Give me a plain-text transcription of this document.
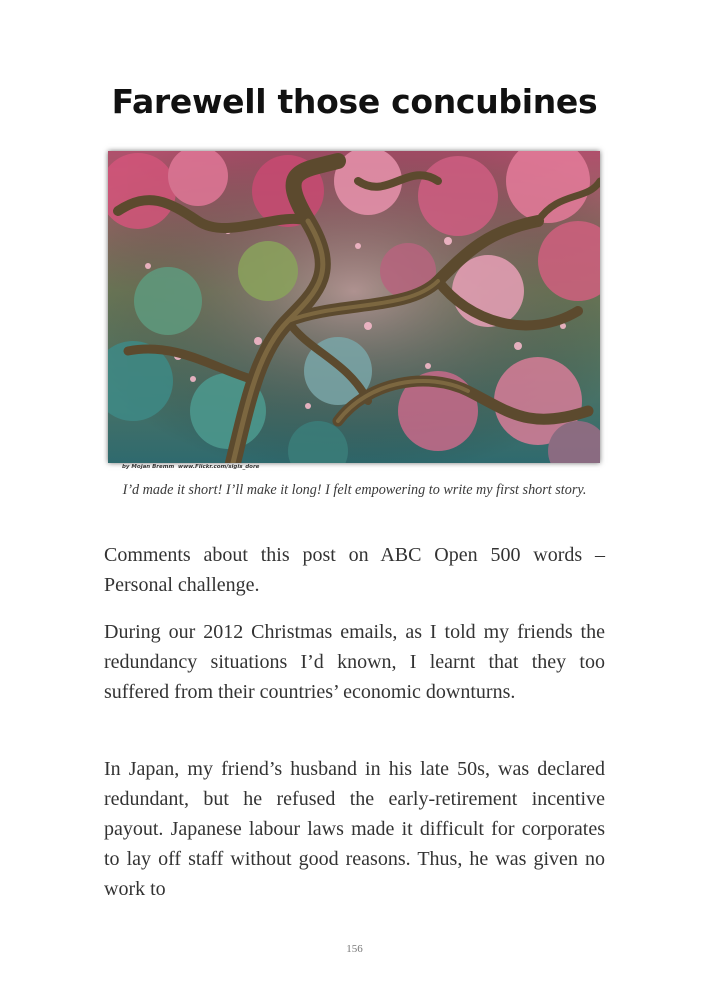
Farewell those concubines
by Mojan Bremm www.Flickr.com/sigis_dore
I’d made it short! I’ll make it long! I felt empowering to write my first short story.

Comments about this post on ABC Open 500 words – Personal challenge.

During our 2012 Christmas emails, as I told my friends the redundancy situations I’d known, I learnt that they too suffered from their countries’ economic downturns.

In Japan, my friend’s husband in his late 50s, was declared redundant, but he refused the early-retirement incentive payout. Japanese labour laws made it difficult for corporates to lay off staff without good reasons. Thus, he was given no work to

156
